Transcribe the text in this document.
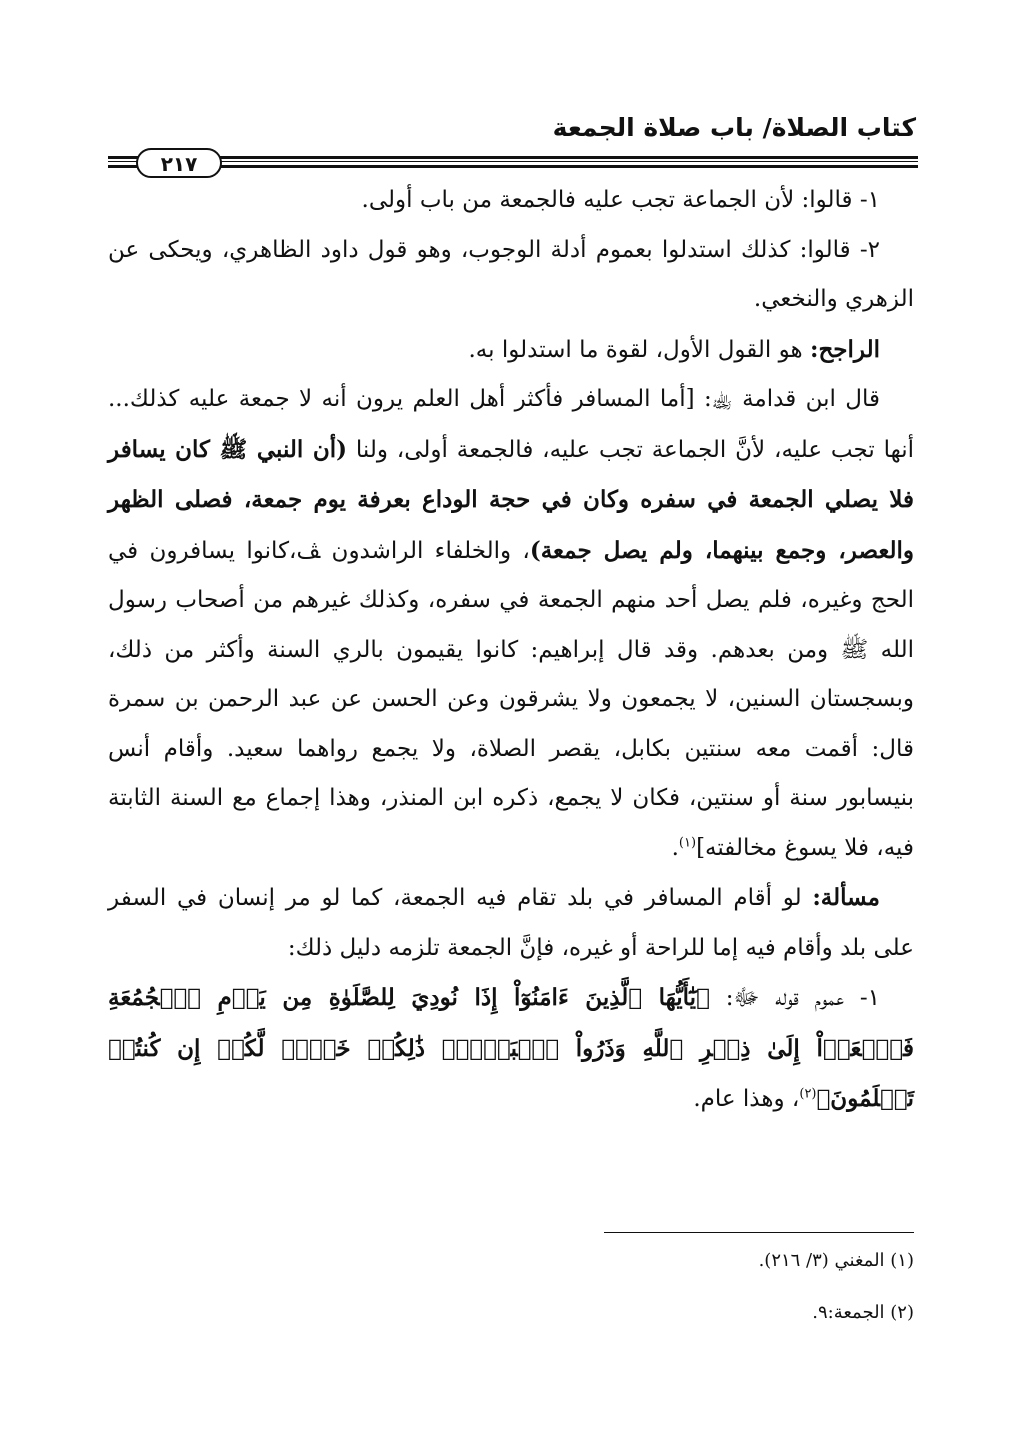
كتاب الصلاة/ باب صلاة الجمعة
٢١٧

١- قالوا: لأن الجماعة تجب عليه فالجمعة من باب أولى.

٢- قالوا: كذلك استدلوا بعموم أدلة الوجوب، وهو قول داود الظاهري، ويحكى عن الزهري والنخعي.

الراجح: هو القول الأول، لقوة ما استدلوا به.

قال ابن قدامة ﵀: [أما المسافر فأكثر أهل العلم يرون أنه لا جمعة عليه كذلك... أنها تجب عليه، لأنَّ الجماعة تجب عليه، فالجمعة أولى، ولنا (أن النبي ﷺ كان يسافر فلا يصلي الجمعة في سفره وكان في حجة الوداع بعرفة يوم جمعة، فصلى الظهر والعصر، وجمع بينهما، ولم يصل جمعة)، والخلفاء الراشدون ﭫ،كانوا يسافرون في الحج وغيره، فلم يصل أحد منهم الجمعة في سفره، وكذلك غيرهم من أصحاب رسول الله ﷺ ومن بعدهم. وقد قال إبراهيم: كانوا يقيمون بالري السنة وأكثر من ذلك، وبسجستان السنين، لا يجمعون ولا يشرقون وعن الحسن عن عبد الرحمن بن سمرة قال: أقمت معه سنتين بكابل، يقصر الصلاة، ولا يجمع رواهما سعيد. وأقام أنس بنيسابور سنة أو سنتين، فكان لا يجمع، ذكره ابن المنذر، وهذا إجماع مع السنة الثابتة فيه، فلا يسوغ مخالفته]$^{(١)}$.

مسألة: لو أقام المسافر في بلد تقام فيه الجمعة، كما لو مر إنسان في السفر على بلد وأقام فيه إما للراحة أو غيره، فإنَّ الجمعة تلزمه دليل ذلك:

١- عموم قوله ﷻ: ﴿يَٰٓأَيُّهَا ٱلَّذِينَ ءَامَنُوٓاْ إِذَا نُودِيَ لِلصَّلَوٰةِ مِن يَوۡمِ ٱلۡجُمُعَةِ فَٱسۡعَوۡاْ إِلَىٰ ذِكۡرِ ٱللَّهِ وَذَرُواْ ٱلۡبَيۡعَۚ ذَٰلِكُمۡ خَيۡرٞ لَّكُمۡ إِن كُنتُمۡ تَعۡلَمُونَ﴾$^{(٢)}$، وهذا عام.

(١) المغني (٣/ ٢١٦).

(٢) الجمعة:٩.
